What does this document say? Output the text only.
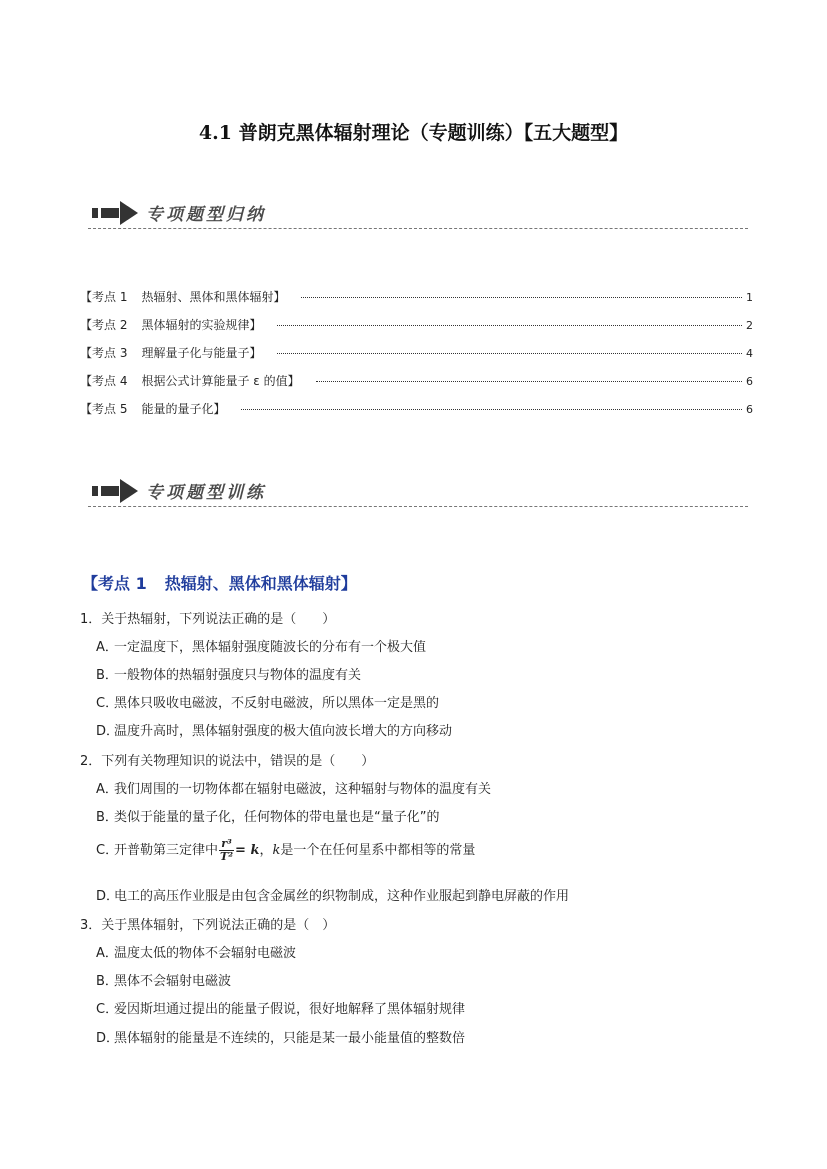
4.1 普朗克黑体辐射理论（专题训练）【五大题型】
专项题型归纳
【考点 1 热辐射、黑体和黑体辐射】	1
【考点 2 黑体辐射的实验规律】	2
【考点 3 理解量子化与能量子】	4
【考点 4 根据公式计算能量子 ε 的值】	6
【考点 5 能量的量子化】	6
专项题型训练
【考点 1 热辐射、黑体和黑体辐射】
1．关于热辐射，下列说法正确的是（　　）
A．一定温度下，黑体辐射强度随波长的分布有一个极大值
B．一般物体的热辐射强度只与物体的温度有关
C．黑体只吸收电磁波，不反射电磁波，所以黑体一定是黑的
D．温度升高时，黑体辐射强度的极大值向波长增大的方向移动
2．下列有关物理知识的说法中，错误的是（　　）
A．我们周围的一切物体都在辐射电磁波，这种辐射与物体的温度有关
B．类似于能量的量子化，任何物体的带电量也是“量子化”的
C．开普勒第三定律中 $\frac{\text{r³}}{\text{T²}} = k$，k是一个在任何星系中都相等的常量
D．电工的高压作业服是由包含金属丝的织物制成，这种作业服起到静电屏蔽的作用
3．关于黑体辐射，下列说法正确的是（　）
A．温度太低的物体不会辐射电磁波
B．黑体不会辐射电磁波
C．爱因斯坦通过提出的能量子假说，很好地解释了黑体辐射规律
D．黑体辐射的能量是不连续的，只能是某一最小能量值的整数倍
